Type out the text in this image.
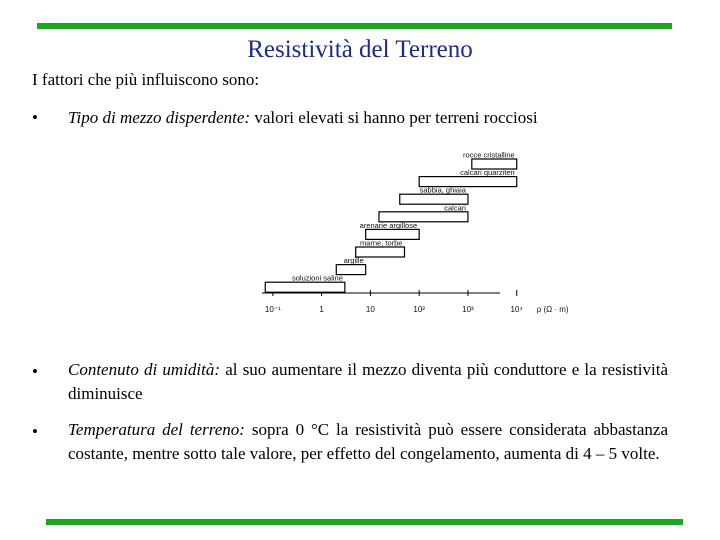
Resistività del Terreno
I fattori che più influiscono sono:
• Tipo di mezzo disperdente: valori elevati si hanno per terreni rocciosi
10⁻¹	1	10	10²	10³	10⁴ ρ (Ω · m)
rocce cristalline
calcari quarziteri
sabbia, ghiaia
calcari
arenarie argillose
marne, torbe
argille
soluzioni saline
• Contenuto di umidità: al suo aumentare il mezzo diventa più conduttore e la resistività diminuisce
• Temperatura del terreno: sopra 0 °C la resistività può essere considerata abbastanza costante, mentre sotto tale valore, per effetto del congelamento, aumenta di 4 – 5 volte.
